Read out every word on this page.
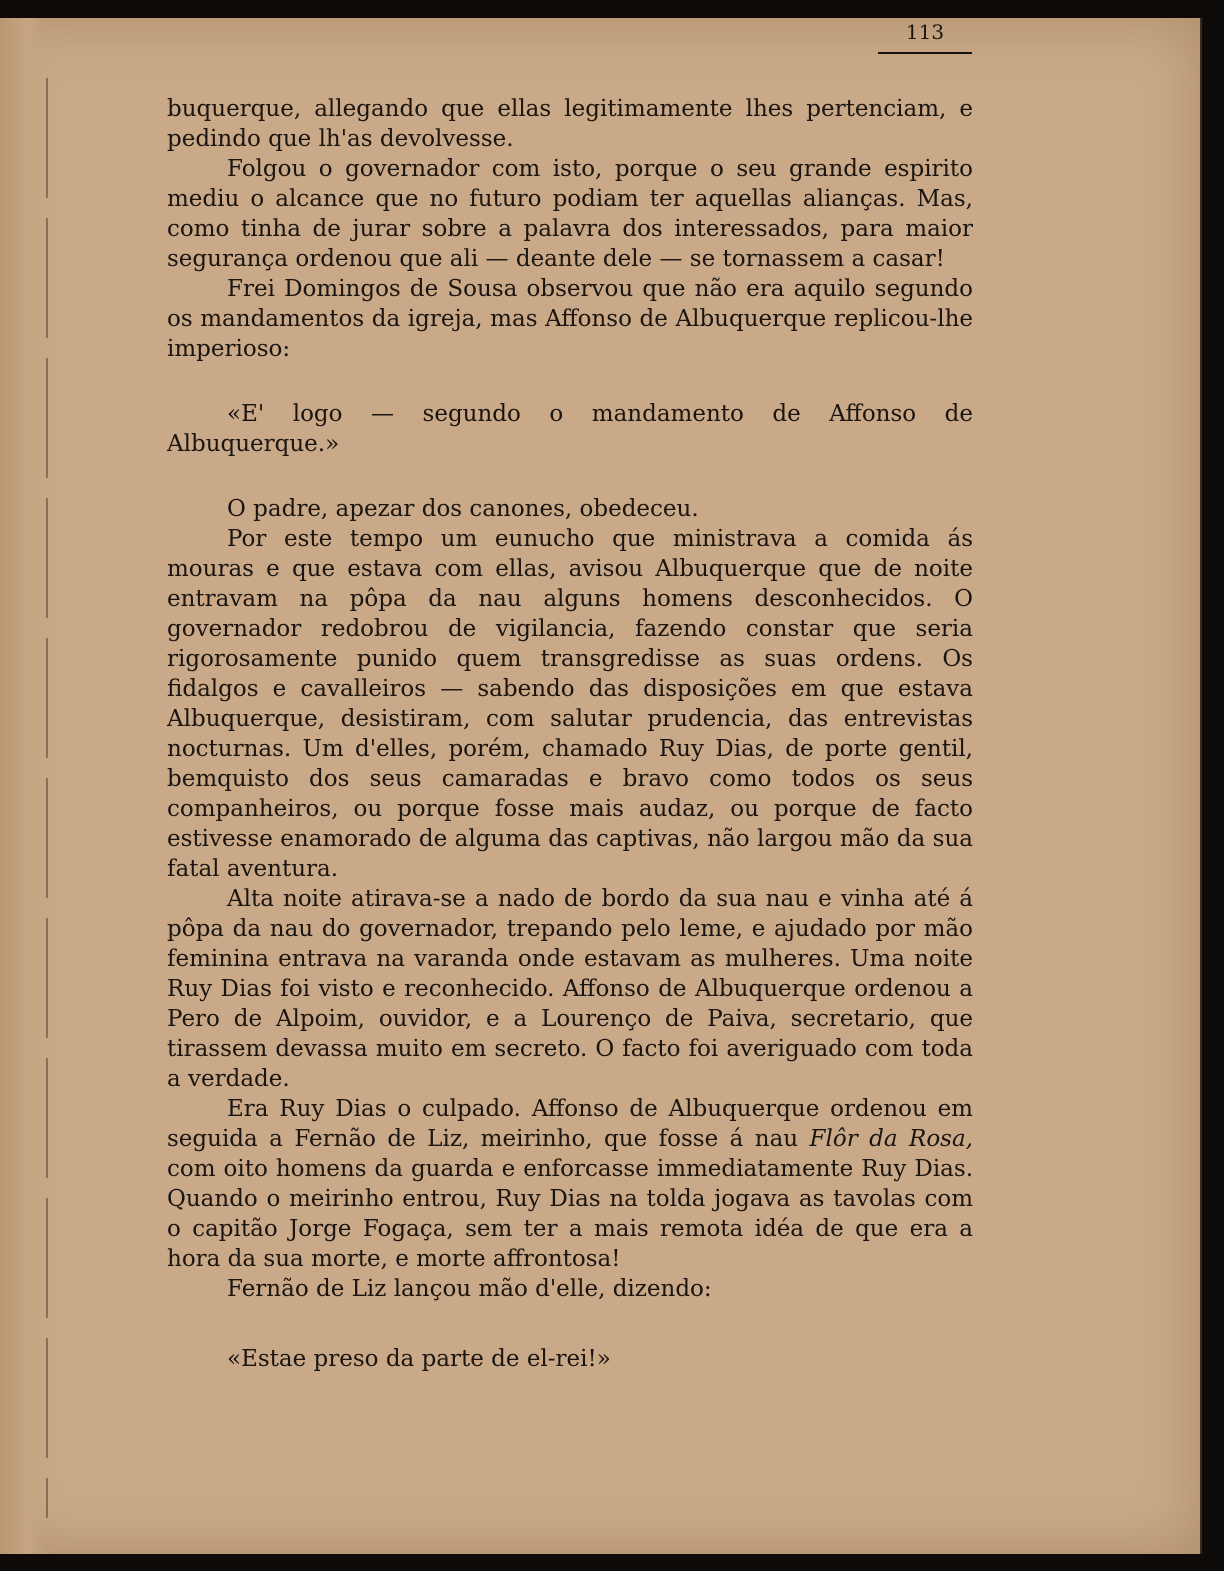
113

buquerque, allegando que ellas legitimamente lhes pertenciam, e pedindo que lh'as devolvesse.

Folgou o governador com isto, porque o seu grande espirito mediu o alcance que no futuro podiam ter aquellas alianças. Mas, como tinha de jurar sobre a palavra dos interessados, para maior segurança ordenou que ali — deante dele — se tornassem a casar!

Frei Domingos de Sousa observou que não era aquilo segundo os mandamentos da igreja, mas Affonso de Albuquerque replicou-lhe imperioso:

«E' logo — segundo o mandamento de Affonso de Albuquerque.»

O padre, apezar dos canones, obedeceu.

Por este tempo um eunucho que ministrava a comida ás mouras e que estava com ellas, avisou Albuquerque que de noite entravam na pôpa da nau alguns homens desconhecidos. O governador redobrou de vigilancia, fazendo constar que seria rigorosamente punido quem transgredisse as suas ordens. Os fidalgos e cavalleiros — sabendo das disposições em que estava Albuquerque, desistiram, com salutar prudencia, das entrevistas nocturnas. Um d'elles, porém, chamado Ruy Dias, de porte gentil, bemquisto dos seus camaradas e bravo como todos os seus companheiros, ou porque fosse mais audaz, ou porque de facto estivesse enamorado de alguma das captivas, não largou mão da sua fatal aventura.

Alta noite atirava-se a nado de bordo da sua nau e vinha até á pôpa da nau do governador, trepando pelo leme, e ajudado por mão feminina entrava na varanda onde estavam as mulheres. Uma noite Ruy Dias foi visto e reconhecido. Affonso de Albuquerque ordenou a Pero de Alpoim, ouvidor, e a Lourenço de Paiva, secretario, que tirassem devassa muito em secreto. O facto foi averiguado com toda a verdade.

Era Ruy Dias o culpado. Affonso de Albuquerque ordenou em seguida a Fernão de Liz, meirinho, que fosse á nau Flôr da Rosa, com oito homens da guarda e enforcasse immediatamente Ruy Dias. Quando o meirinho entrou, Ruy Dias na tolda jogava as tavolas com o capitão Jorge Fogaça, sem ter a mais remota idéa de que era a hora da sua morte, e morte affrontosa!

Fernão de Liz lançou mão d'elle, dizendo:

«Estae preso da parte de el-rei!»
